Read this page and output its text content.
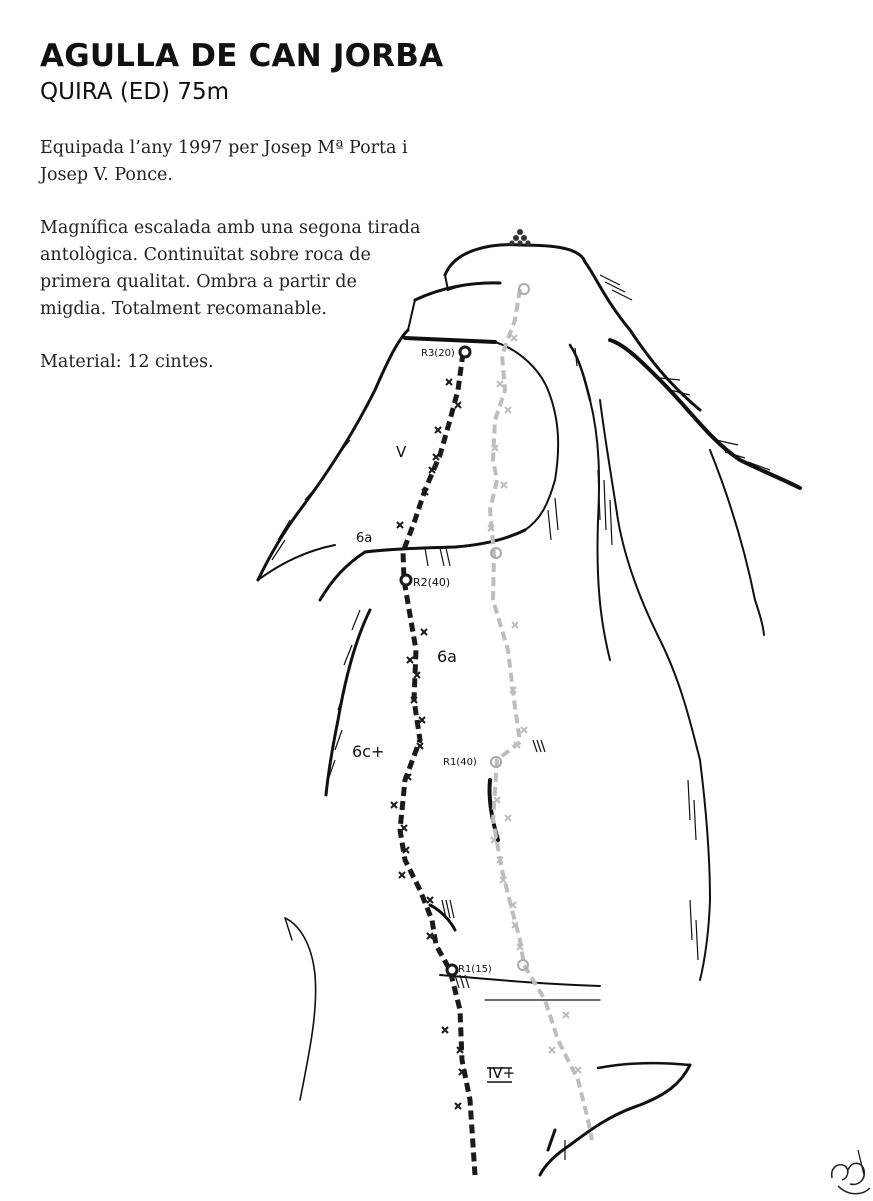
AGULLA DE CAN JORBA
QUIRA (ED) 75m
Equipada l’any 1997 per Josep Mª Porta i
Josep V. Ponce.
Magnífica escalada amb una segona tirada
antològica. Continuïtat sobre roca de
primera qualitat. Ombra a partir de
migdia. Totalment recomanable.
Material: 12 cintes.	R3(20)
V
6a
R2(40)
6a
6c+
R1(40)
R1(15)
IV+
